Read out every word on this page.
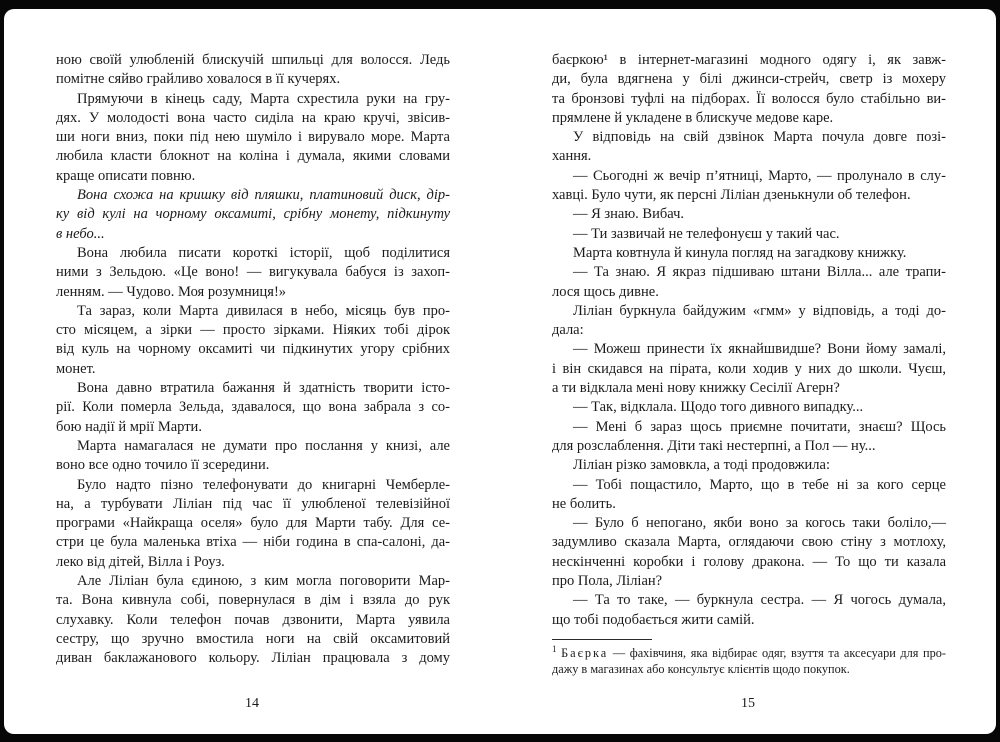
ною своїй улюбленій блискучій шпильці для волосся. Ледь
помітне сяйво грайливо ховалося в її кучерях.
Прямуючи в кінець саду, Марта схрестила руки на гру-
дях. У молодості вона часто сиділа на краю кручі, звісив-
ши ноги вниз, поки під нею шуміло і вирувало море. Марта
любила класти блокнот на коліна і думала, якими словами
краще описати повню.
Вона схожа на кришку від пляшки, платиновий диск, дір-
ку від кулі на чорному оксамиті, срібну монету, підкинуту
в небо...
Вона любила писати короткі історії, щоб поділитися
ними з Зельдою. «Це воно! — вигукувала бабуся із захоп-
ленням. — Чудово. Моя розумниця!»
Та зараз, коли Марта дивилася в небо, місяць був про-
сто місяцем, а зірки — просто зірками. Ніяких тобі дірок
від куль на чорному оксамиті чи підкинутих угору срібних
монет.
Вона давно втратила бажання й здатність творити істо-
рії. Коли померла Зельда, здавалося, що вона забрала з со-
бою надії й мрії Марти.
Марта намагалася не думати про послання у книзі, але
воно все одно точило її зсередини.
Було надто пізно телефонувати до книгарні Чемберле-
на, а турбувати Ліліан під час її улюбленої телевізійної
програми «Найкраща оселя» було для Марти табу. Для се-
стри це була маленька втіха — ніби година в спа-салоні, да-
леко від дітей, Вілла і Роуз.
Але Ліліан була єдиною, з ким могла поговорити Мар-
та. Вона кивнула собі, повернулася в дім і взяла до рук
слухавку. Коли телефон почав дзвонити, Марта уявила
сестру, що зручно вмостила ноги на свій оксамитовий
диван баклажанового кольору. Ліліан працювала з дому
14
баєркою¹ в інтернет-магазині модного одягу і, як завж-
ди, була вдягнена у білі джинси-стрейч, светр із мохеру
та бронзові туфлі на підборах. Її волосся було стабільно ви-
прямлене й укладене в блискуче медове каре.
У відповідь на свій дзвінок Марта почула довге позі-
хання.
— Сьогодні ж вечір п’ятниці, Марто, — пролунало в слу-
хавці. Було чути, як персні Ліліан дзенькнули об телефон.
— Я знаю. Вибач.
— Ти зазвичай не телефонуєш у такий час.
Марта ковтнула й кинула погляд на загадкову книжку.
— Та знаю. Я якраз підшиваю штани Вілла... але трапи-
лося щось дивне.
Ліліан буркнула байдужим «гмм» у відповідь, а тоді до-
дала:
— Можеш принести їх якнайшвидше? Вони йому замалі,
і він скидався на пірата, коли ходив у них до школи. Чуєш,
а ти відклала мені нову книжку Сесілії Агерн?
— Так, відклала. Щодо того дивного випадку...
— Мені б зараз щось приємне почитати, знаєш? Щось
для розслаблення. Діти такі нестерпні, а Пол — ну...
Ліліан різко замовкла, а тоді продовжила:
— Тобі пощастило, Марто, що в тебе ні за кого серце
не болить.
— Було б непогано, якби воно за когось таки боліло,—
задумливо сказала Марта, оглядаючи свою стіну з мотлоху,
нескінченні коробки і голову дракона. — То що ти казала
про Пола, Ліліан?
— Та то таке, — буркнула сестра. — Я чогось думала,
що тобі подобається жити самій.
$^1$ Баєрка — фахівчиня, яка відбирає одяг, взуття та аксесуари для про-
дажу в магазинах або консультує клієнтів щодо покупок.
15
